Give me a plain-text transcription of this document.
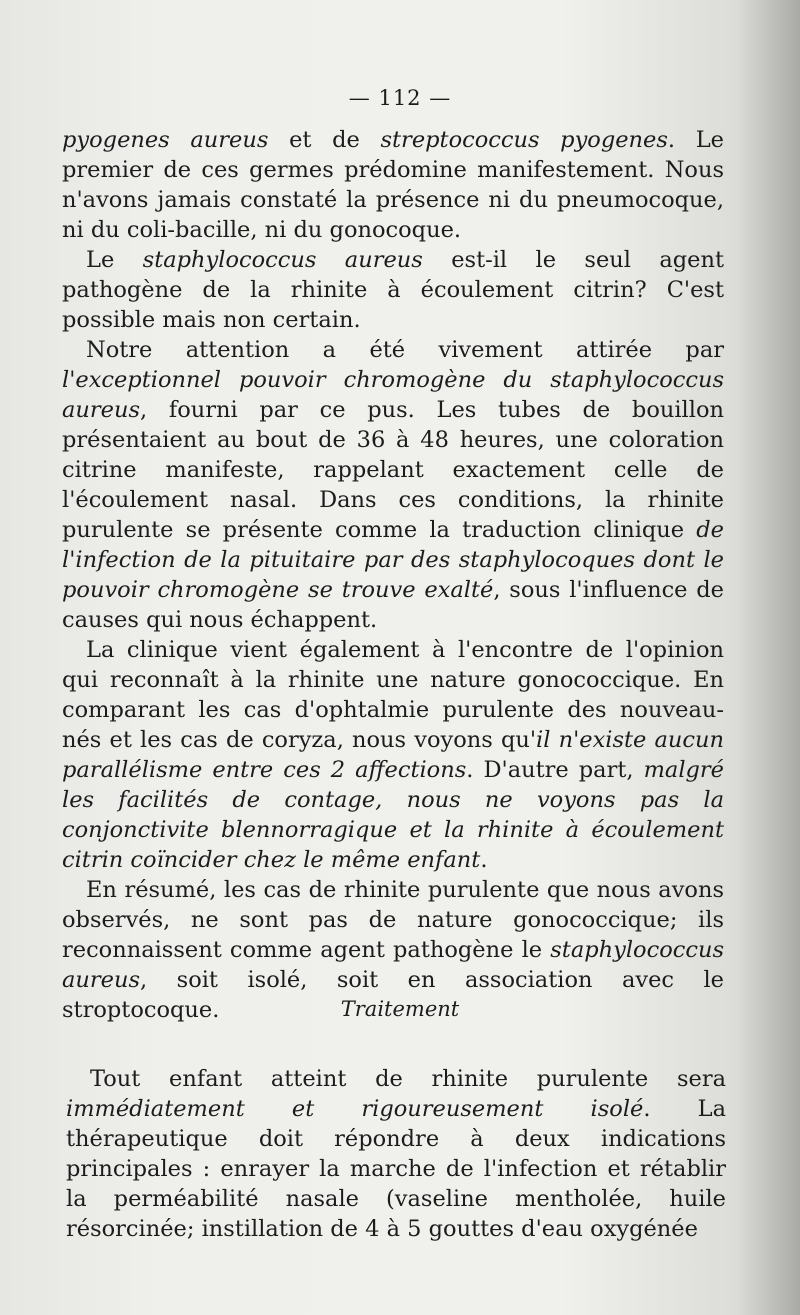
— 112 —

pyogenes aureus et de streptococcus pyogenes. Le premier de ces germes prédomine manifestement. Nous n'avons jamais constaté la présence ni du pneumocoque, ni du coli-bacille, ni du gonocoque.

Le staphylococcus aureus est-il le seul agent pathogène de la rhinite à écoulement citrin? C'est possible mais non certain.

Notre attention a été vivement attirée par l'exceptionnel pouvoir chromogène du staphylococcus aureus, fourni par ce pus. Les tubes de bouillon présentaient au bout de 36 à 48 heures, une coloration citrine manifeste, rappelant exactement celle de l'écoulement nasal. Dans ces conditions, la rhinite purulente se présente comme la traduction clinique de l'infection de la pituitaire par des staphylocoques dont le pouvoir chromogène se trouve exalté, sous l'influence de causes qui nous échappent.

La clinique vient également à l'encontre de l'opinion qui reconnaît à la rhinite une nature gonococcique. En comparant les cas d'ophtalmie purulente des nouveau-nés et les cas de coryza, nous voyons qu'il n'existe aucun parallélisme entre ces 2 affections. D'autre part, malgré les facilités de contage, nous ne voyons pas la conjonctivite blennorragique et la rhinite à écoulement citrin coïncider chez le même enfant.

En résumé, les cas de rhinite purulente que nous avons observés, ne sont pas de nature gonococcique; ils reconnaissent comme agent pathogène le staphylococcus aureus, soit isolé, soit en association avec le stroptocoque.	Traitement

Tout enfant atteint de rhinite purulente sera immédiatement et rigoureusement isolé. La thérapeutique doit répondre à deux indications principales : enrayer la marche de l'infection et rétablir la perméabilité nasale (vaseline mentholée, huile résorcinée; instillation de 4 à 5 gouttes d'eau oxygénée
